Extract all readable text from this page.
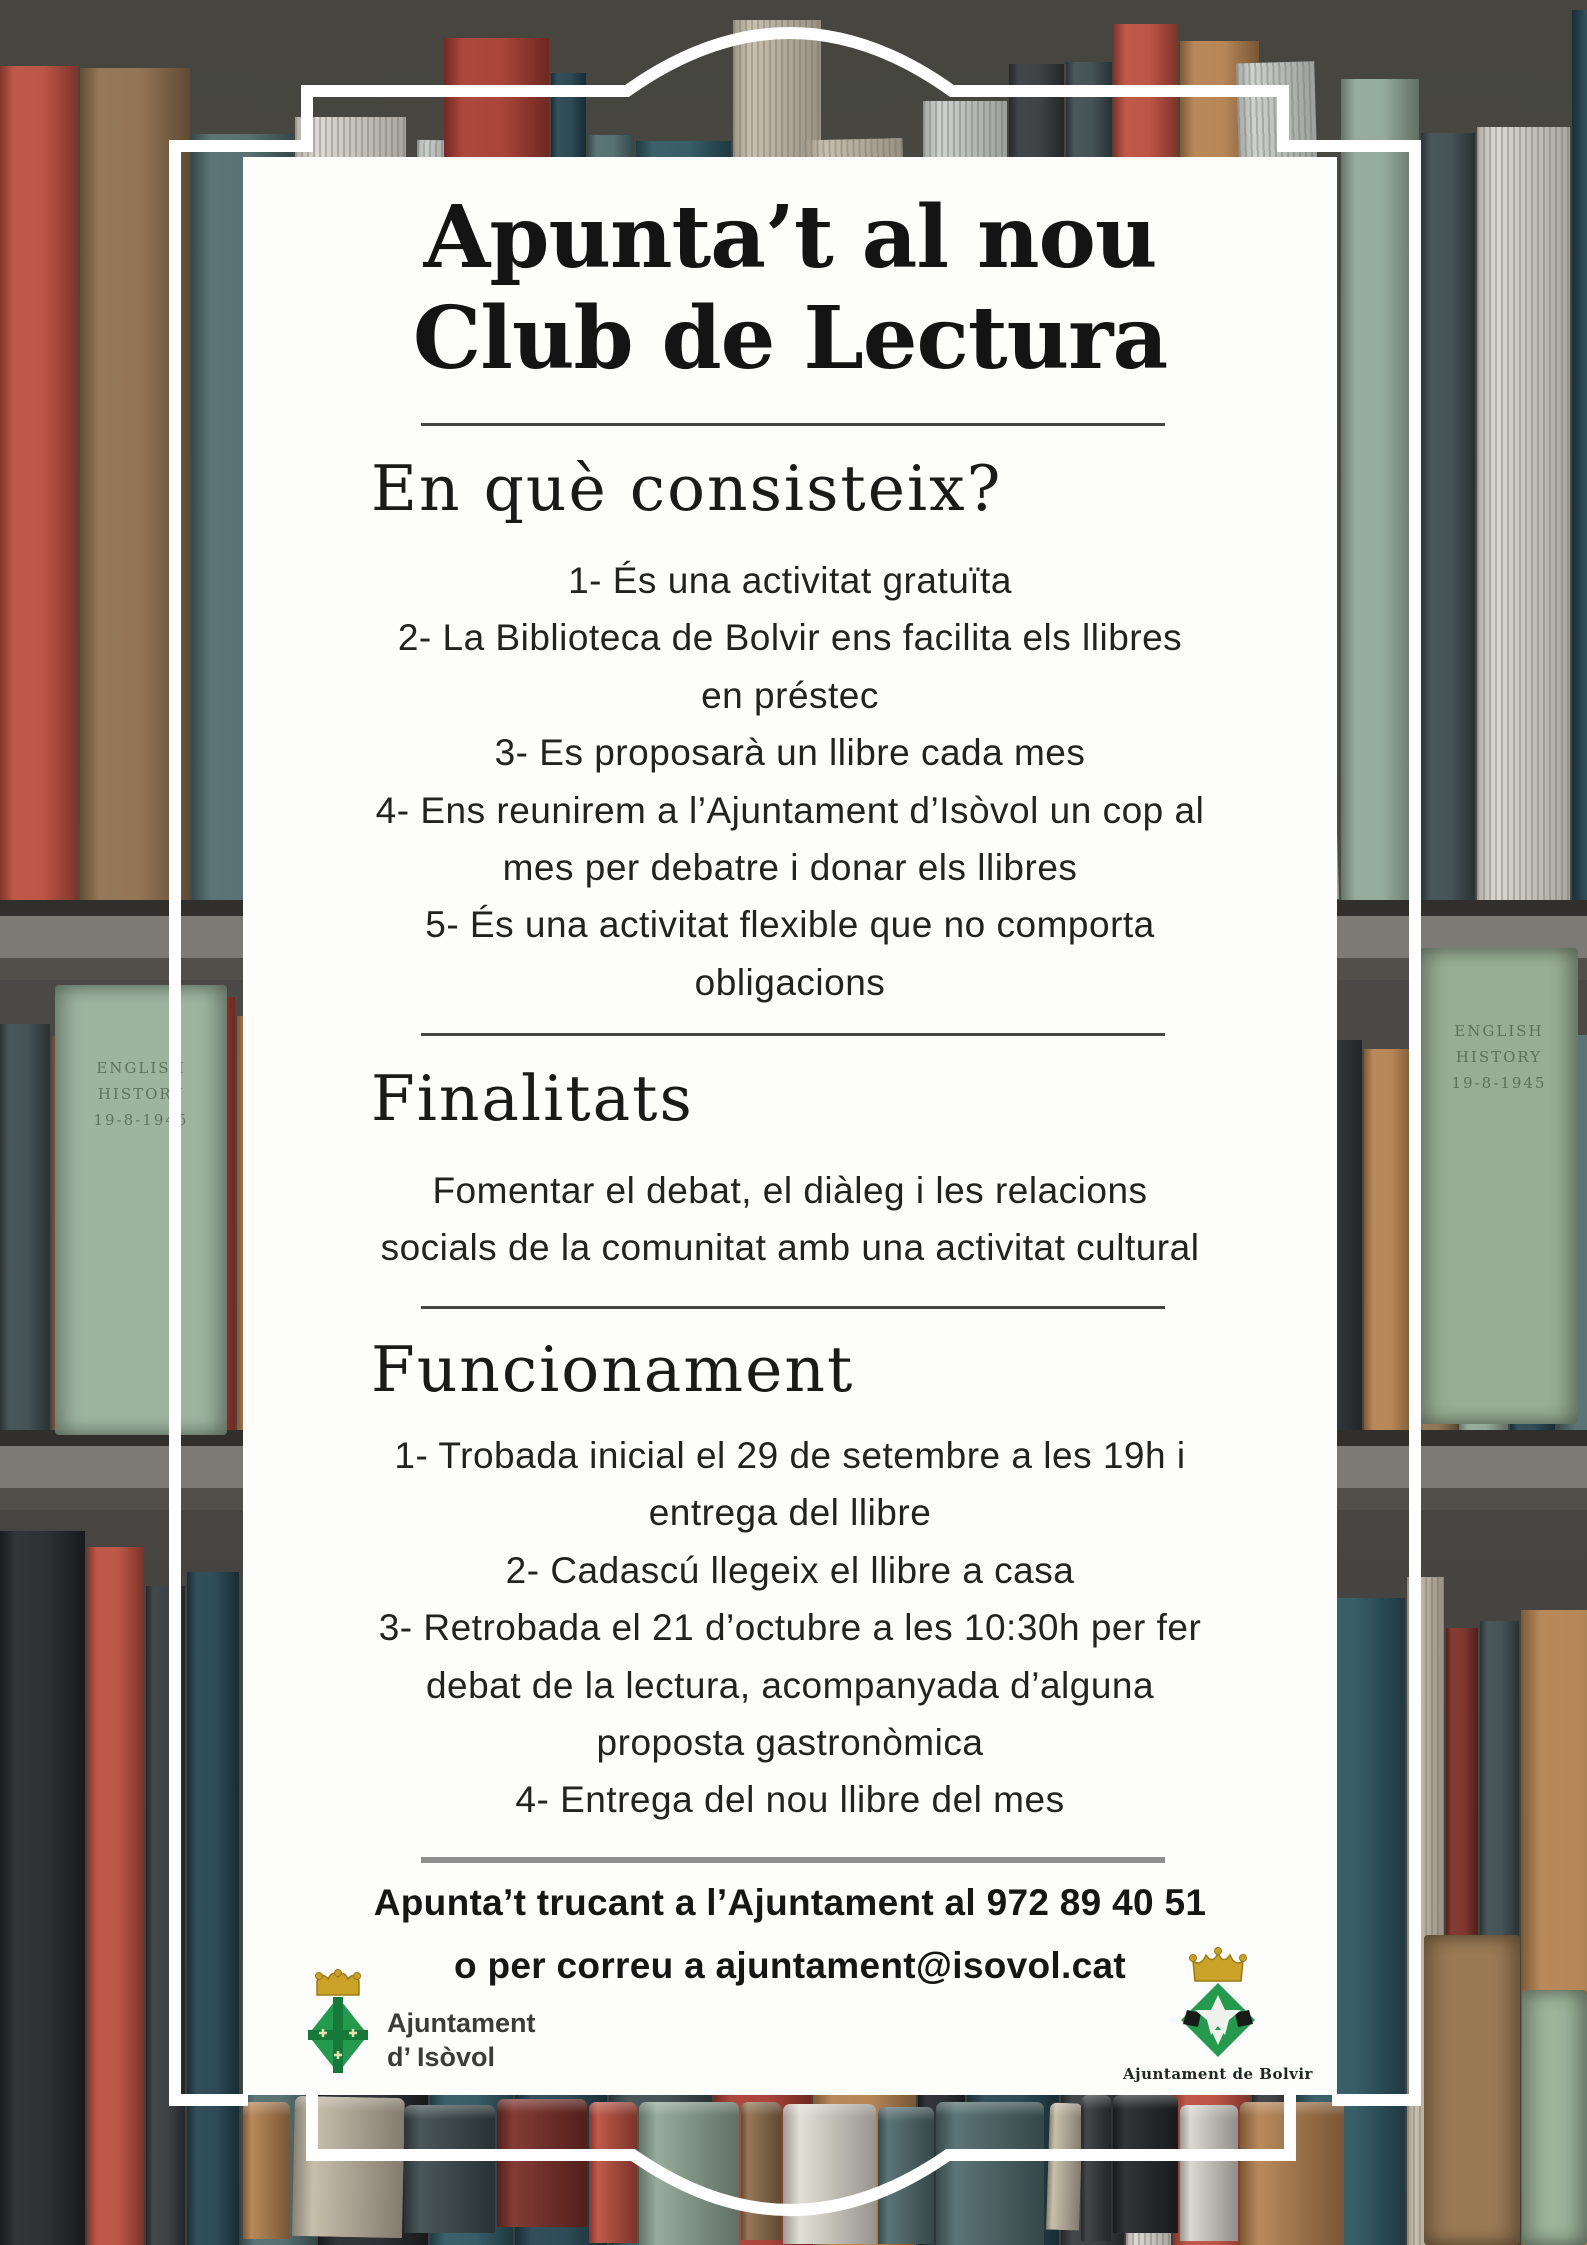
ENGLISH
HISTORY
19-8-1945
ENGLISH
HISTORY
19-8-1945
Apunta’t al nou
Club de Lectura
En què consisteix?
1- És una activitat gratuïta
2- La Biblioteca de Bolvir ens facilita els llibres
en préstec
3- Es proposarà un llibre cada mes
4- Ens reunirem a l’Ajuntament d’Isòvol un cop al
mes per debatre i donar els llibres
5- És una activitat flexible que no comporta
obligacions
Finalitats
Fomentar el debat, el diàleg i les relacions
socials de la comunitat amb una activitat cultural
Funcionament
1- Trobada inicial el 29 de setembre a les 19h i
entrega del llibre
2- Cadascú llegeix el llibre a casa
3- Retrobada el 21 d’octubre a les 10:30h per fer
debat de la lectura, acompanyada d’alguna
proposta gastronòmica
4- Entrega del nou llibre del mes
Apunta’t trucant a l’Ajuntament al 972 89 40 51
o per correu a ajuntament@isovol.cat
Ajuntament
d’ Isòvol
Ajuntament de Bolvir
